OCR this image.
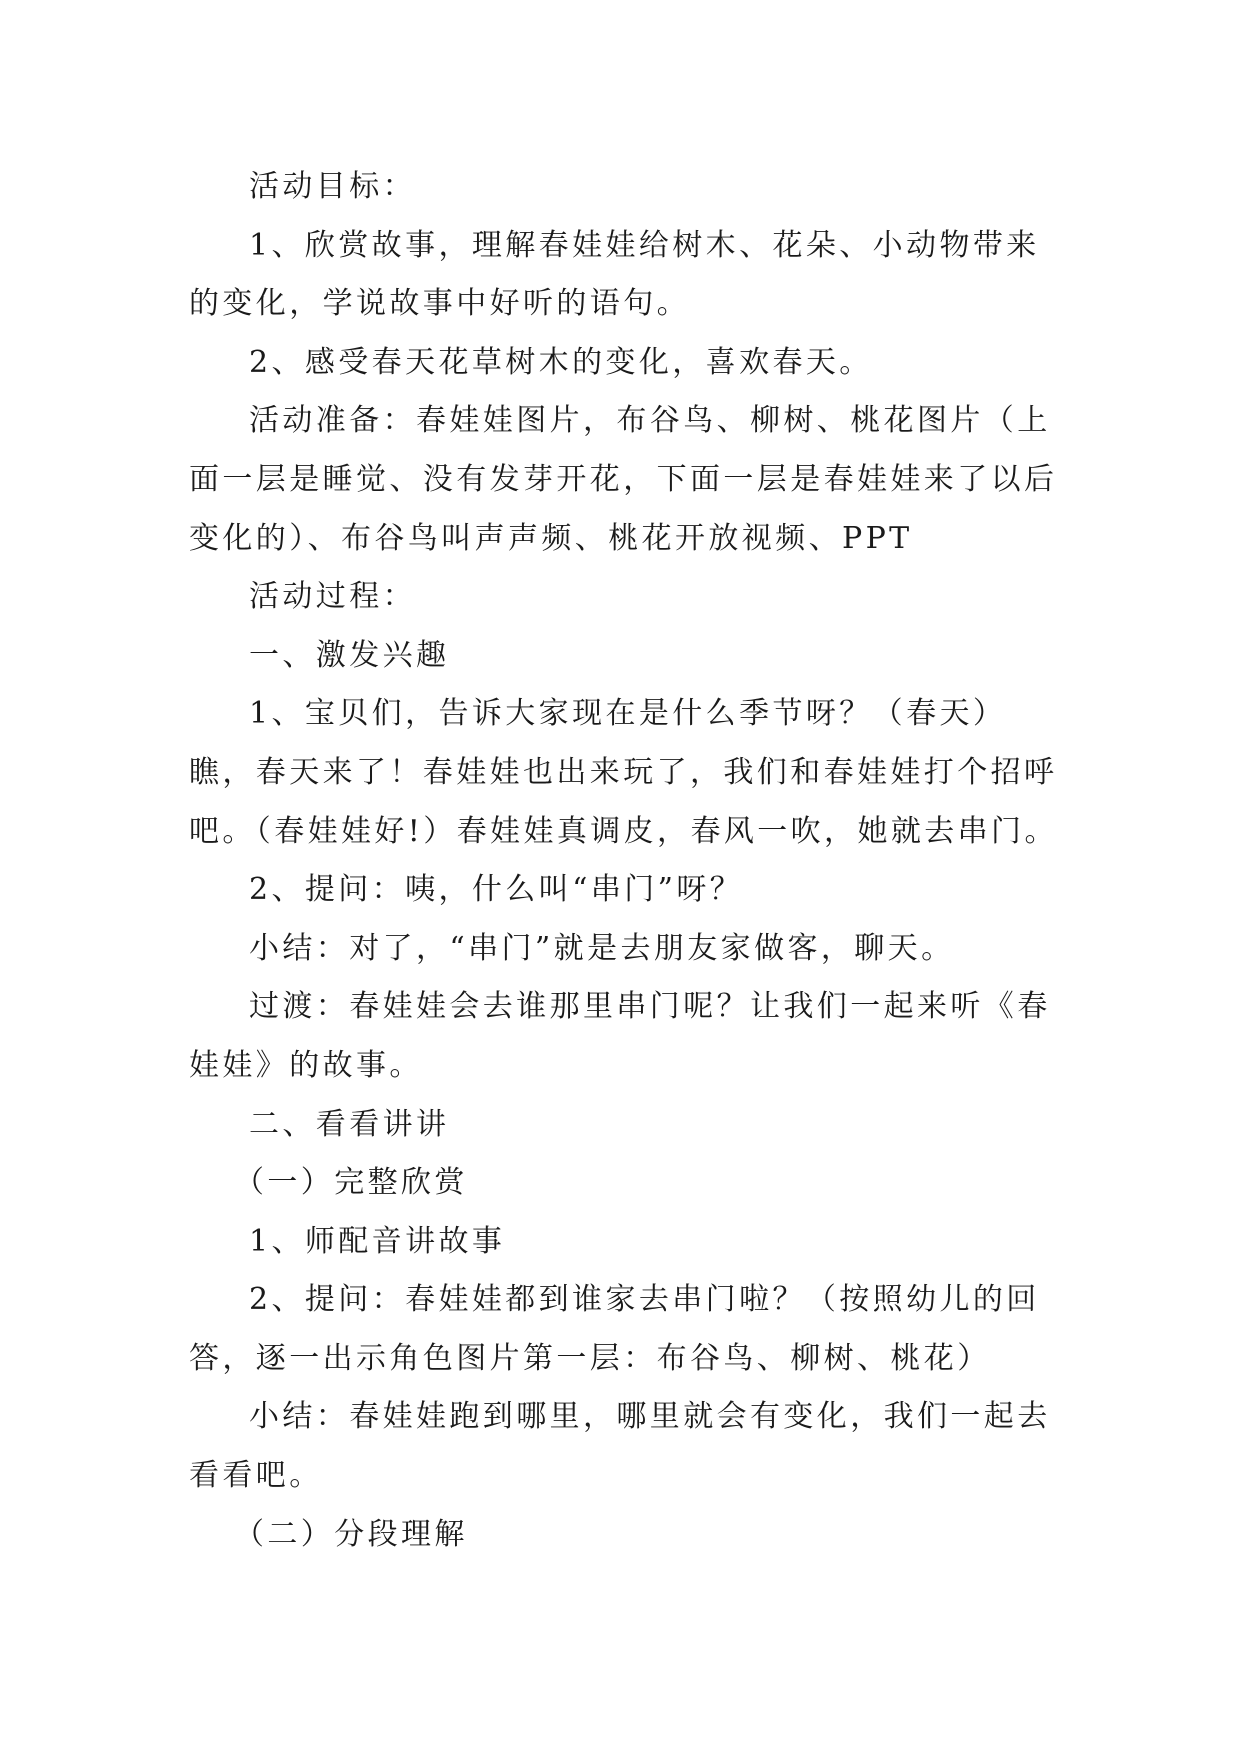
活动目标：

1、欣赏故事，理解春娃娃给树木、花朵、小动物带来的变化，学说故事中好听的语句。

2、感受春天花草树木的变化，喜欢春天。

活动准备：春娃娃图片，布谷鸟、柳树、桃花图片（上面一层是睡觉、没有发芽开花，下面一层是春娃娃来了以后变化的）、布谷鸟叫声声频、桃花开放视频、PPT

活动过程：

一、激发兴趣

1、宝贝们，告诉大家现在是什么季节呀？（春天）瞧，春天来了！春娃娃也出来玩了，我们和春娃娃打个招呼吧。（春娃娃好!）春娃娃真调皮，春风一吹，她就去串门。

2、提问：咦，什么叫“串门”呀？

小结：对了，“串门”就是去朋友家做客，聊天。

过渡：春娃娃会去谁那里串门呢？让我们一起来听《春娃娃》的故事。

二、看看讲讲

（一）完整欣赏

1、师配音讲故事

2、提问：春娃娃都到谁家去串门啦？（按照幼儿的回答，逐一出示角色图片第一层：布谷鸟、柳树、桃花）

小结：春娃娃跑到哪里，哪里就会有变化，我们一起去看看吧。

（二）分段理解
